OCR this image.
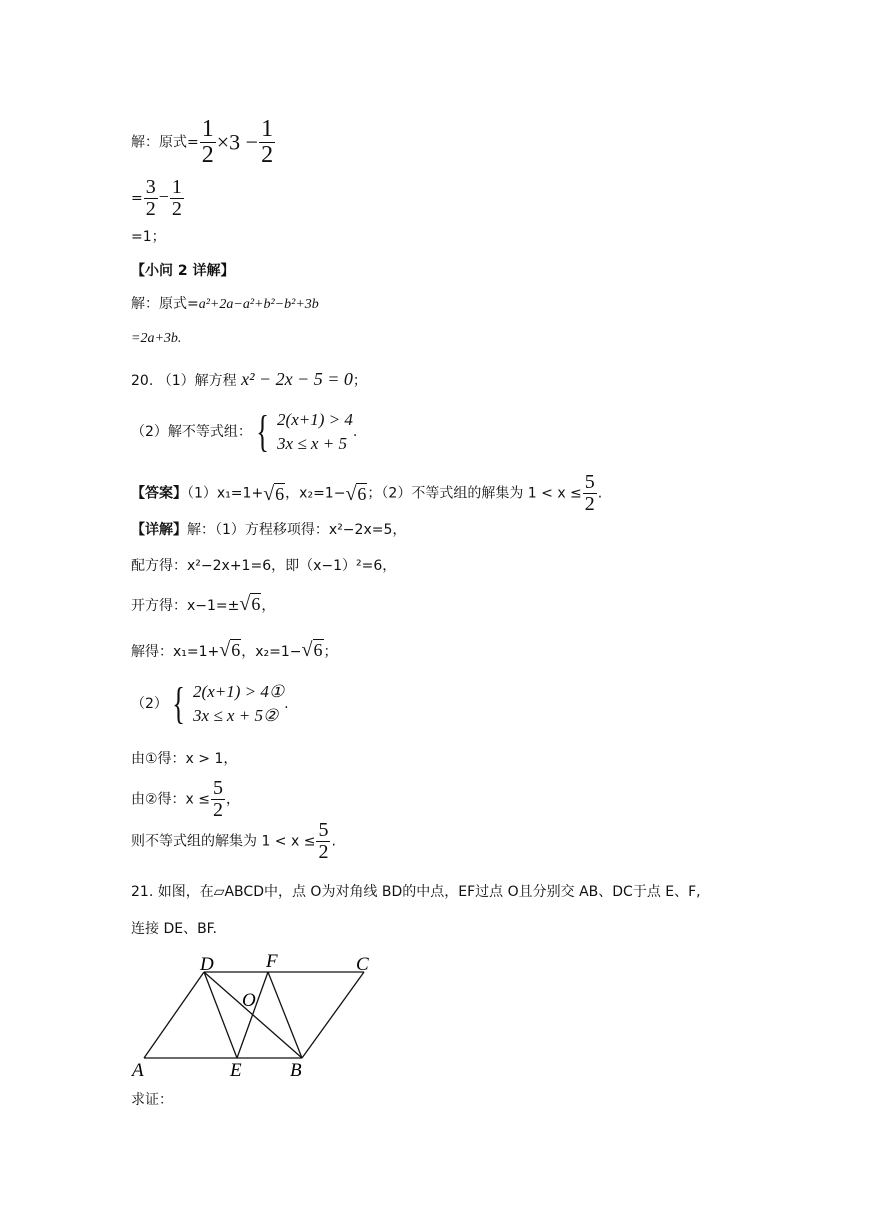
解：原式= $\frac{1}{2} \times 3 - \frac{1}{2}$
= $\frac{3}{2} - \frac{1}{2}$
=1；
【小问 2 详解】
解：原式=a²+2a−a²+b²−b²+3b
=2a+3b.
20. （1）解方程 x² − 2x − 5 = 0；
（2）解不等式组： { 2(x+1) > 4
3x ≤ x + 5
.
【答案】（1）x₁=1+√6，x₂=1−√6；（2）不等式组的解集为 $1 < x \le \frac{5}{2}$ .
【详解】解：（1）方程移项得：x²−2x=5，
配方得：x²−2x+1=6，即（x−1）²=6，
开方得：x−1=±√6，
解得：x₁=1+√6，x₂=1−√6；
（2） { 2(x+1) > 4①
3x ≤ x + 5②
.
由①得：x > 1，
由②得：$x \le \frac{5}{2}$ ，
则不等式组的解集为 $1 < x \le \frac{5}{2}$ .
21. 如图，在▱ABCD中，点 O为对角线 BD的中点，EF过点 O且分别交 AB、DC于点 E、F,
连接 DE、BF.
D	F	C
O
A	E	B
求证：
